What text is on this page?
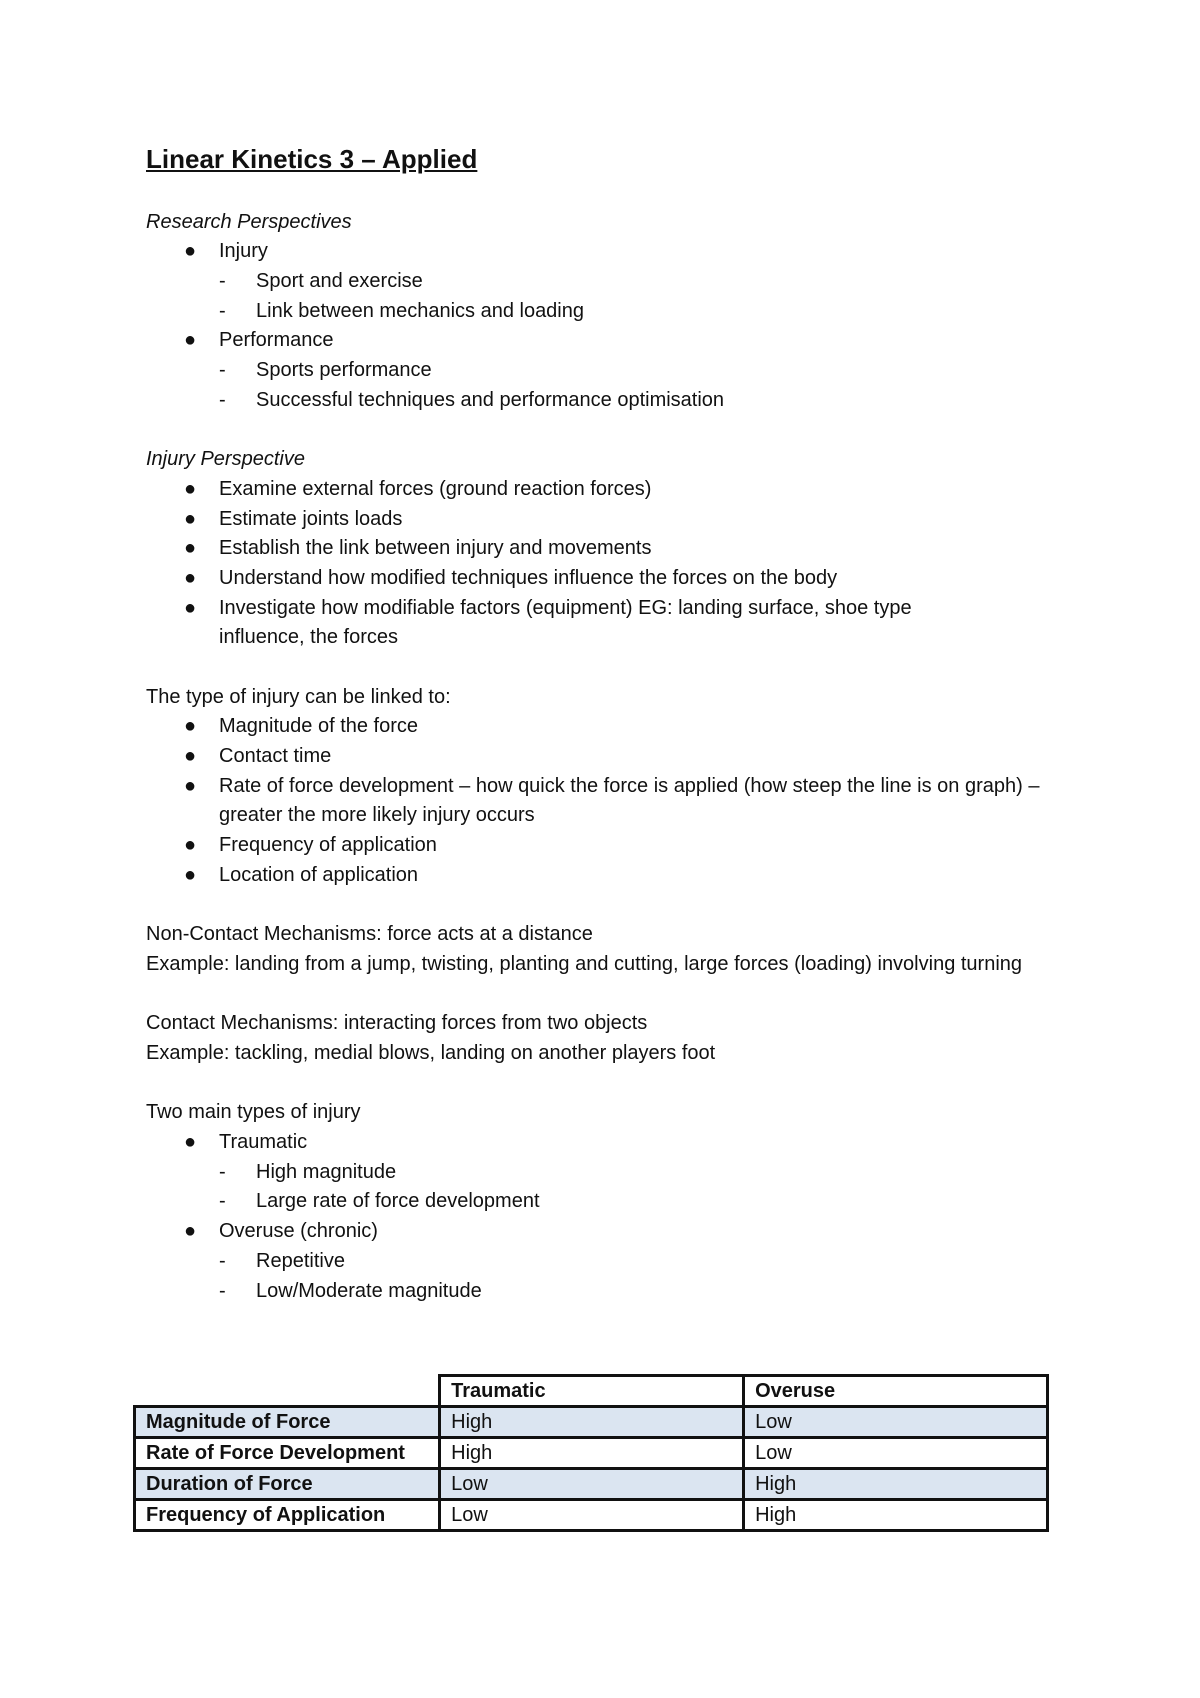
Linear Kinetics 3 – Applied
Research Perspectives
● Injury
- Sport and exercise
- Link between mechanics and loading
● Performance
- Sports performance
- Successful techniques and performance optimisation
Injury Perspective
● Examine external forces (ground reaction forces)
● Estimate joints loads
● Establish the link between injury and movements
● Understand how modified techniques influence the forces on the body
● Investigate how modifiable factors (equipment) EG: landing surface, shoe type influence, the forces
The type of injury can be linked to:
● Magnitude of the force
● Contact time
● Rate of force development – how quick the force is applied (how steep the line is on graph) – greater the more likely injury occurs
● Frequency of application
● Location of application
Non-Contact Mechanisms: force acts at a distance
Example: landing from a jump, twisting, planting and cutting, large forces (loading) involving turning
Contact Mechanisms: interacting forces from two objects
Example: tackling, medial blows, landing on another players foot
Two main types of injury
● Traumatic
- High magnitude
- Large rate of force development
● Overuse (chronic)
- Repetitive
- Low/Moderate magnitude
	Traumatic	Overuse
Magnitude of Force	High	Low
Rate of Force Development	High	Low
Duration of Force	Low	High
Frequency of Application	Low	High
